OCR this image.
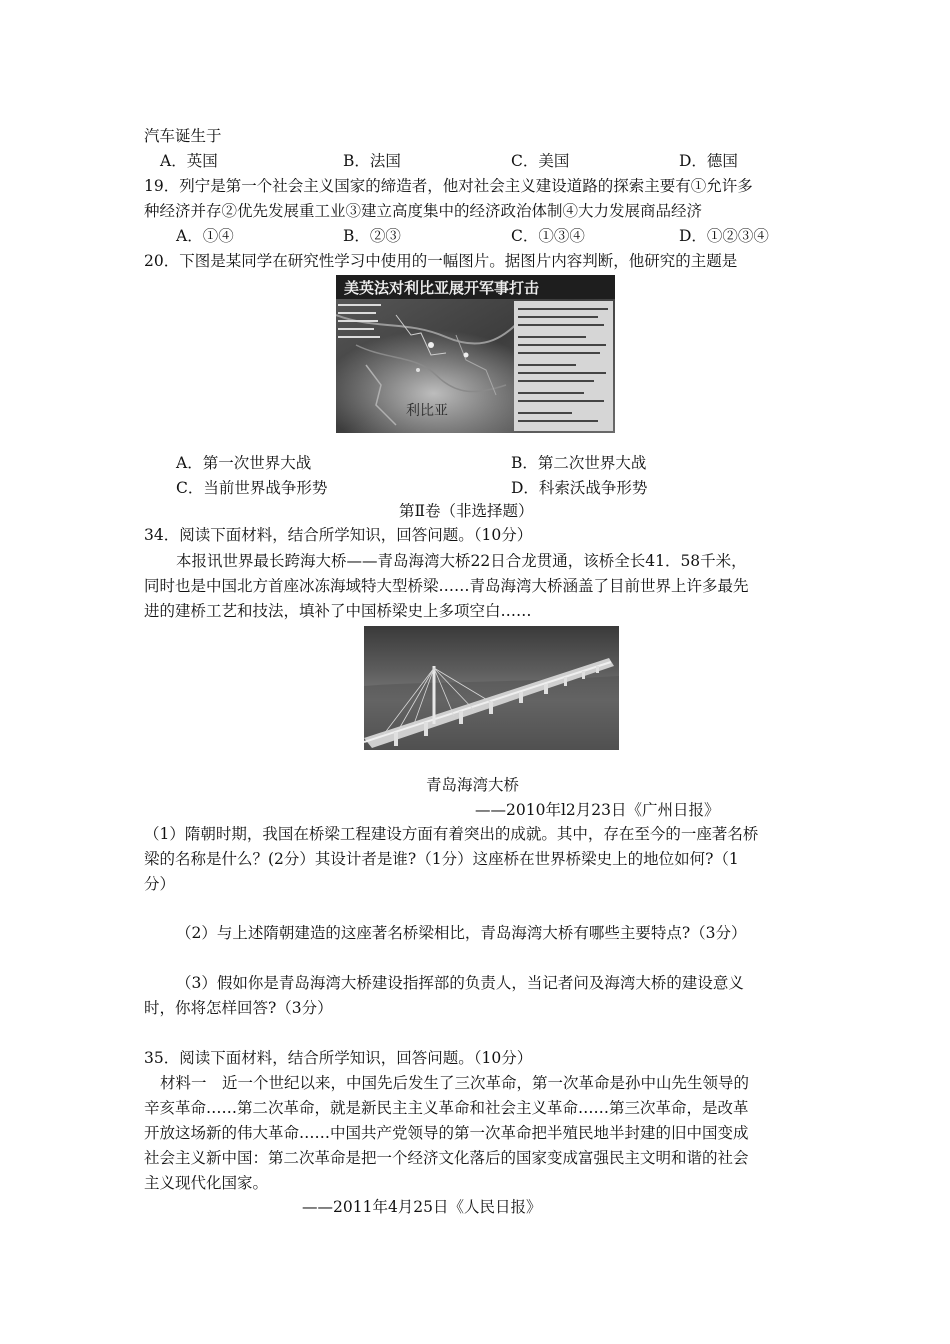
汽车诞生于
A．英国	B．法国	C．美国	D．德国
19．列宁是第一个社会主义国家的缔造者，他对社会主义建设道路的探索主要有①允许多
种经济并存②优先发展重工业③建立高度集中的经济政治体制④大力发展商品经济
A．①④	B．②③	C．①③④	D．①②③④
20．下图是某同学在研究性学习中使用的一幅图片。据图片内容判断，他研究的主题是
美英法对利比亚展开军事打击
利比亚
A．第一次世界大战	B．第二次世界大战
C．当前世界战争形势	D．科索沃战争形势
第Ⅱ卷（非选择题）
34．阅读下面材料，结合所学知识，回答问题。（10分）
本报讯世界最长跨海大桥——青岛海湾大桥22日合龙贯通，该桥全长41．58千米，
同时也是中国北方首座冰冻海域特大型桥梁……青岛海湾大桥涵盖了目前世界上许多最先
进的建桥工艺和技法，填补了中国桥梁史上多项空白……
青岛海湾大桥
——2010年l2月23日《广州日报》
（1）隋朝时期，我国在桥梁工程建设方面有着突出的成就。其中，存在至今的一座著名桥
梁的名称是什么？(2分）其设计者是谁?（1分）这座桥在世界桥梁史上的地位如何?（1
分）
（2）与上述隋朝建造的这座著名桥梁相比，青岛海湾大桥有哪些主要特点?（3分）
（3）假如你是青岛海湾大桥建设指挥部的负责人，当记者问及海湾大桥的建设意义
时，你将怎样回答?（3分）
35．阅读下面材料，结合所学知识，回答问题。（10分）
材料一　近一个世纪以来，中国先后发生了三次革命，第一次革命是孙中山先生领导的
辛亥革命……第二次革命，就是新民主主义革命和社会主义革命……第三次革命，是改革
开放这场新的伟大革命……中国共产党领导的第一次革命把半殖民地半封建的旧中国变成
社会主义新中国：第二次革命是把一个经济文化落后的国家变成富强民主文明和谐的社会
主义现代化国家。
——2011年4月25日《人民日报》
